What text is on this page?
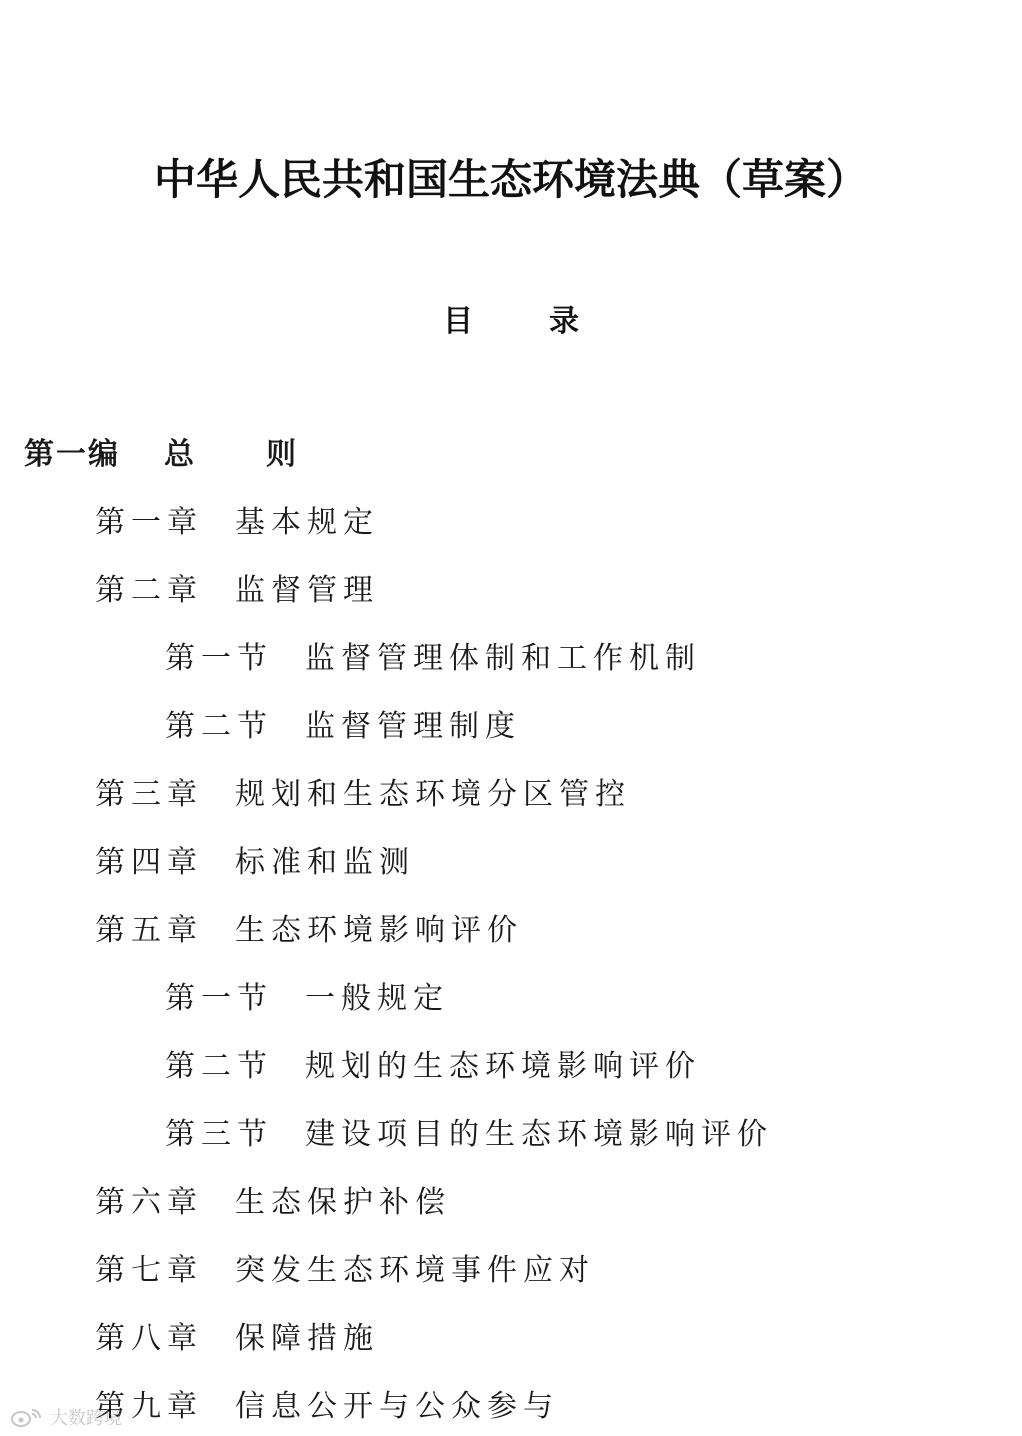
中华人民共和国生态环境法典（草案）
目	录
第一编 总则
第一章 基本规定
第二章 监督管理
第一节 监督管理体制和工作机制
第二节 监督管理制度
第三章 规划和生态环境分区管控
第四章 标准和监测
第五章 生态环境影响评价
第一节 一般规定
第二节 规划的生态环境影响评价
第三节 建设项目的生态环境影响评价
第六章 生态保护补偿
第七章 突发生态环境事件应对
第八章 保障措施
第九章 信息公开与公众参与
大数跨境
